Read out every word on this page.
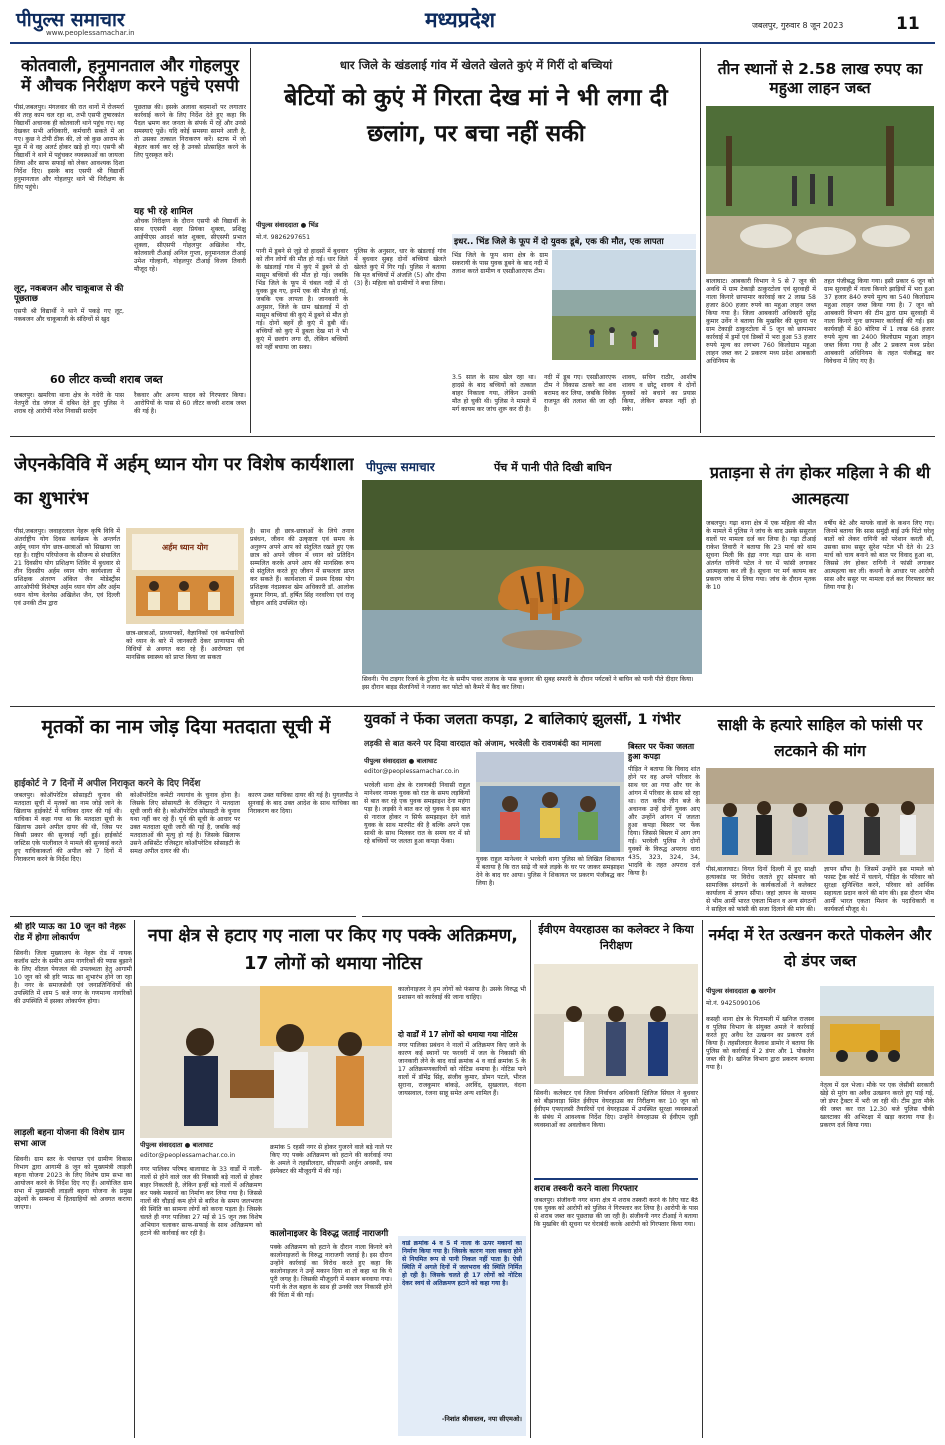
पीपुल्स समाचार
www.peoplessamachar.in
मध्यप्रदेश	जबलपुर, गुरुवार 8 जून 2023	11
कोतवाली, हनुमानताल और गोहलपुर में औचक निरीक्षण करने पहुंचे एसपी
पीसं,जबलपुर। मंगलवार की रात थानों में रोजमर्रा की तरह काम चल रहा था, तभी एसपी तुषारकांत विद्यार्थी अचानक ही कोतवाली थाने पहुंच गए। यह देखकर सभी अधिकारी, कर्मचारी सकते में आ गए। कुछ ने टोपी ठीक की, तो जो कुछ आराम के मूड में थे वह अलर्ट होकर खड़े हो गए। एसपी श्री विद्यार्थी ने थाने में पहुंचकर व्यवस्थाओं का जायजा लिया और साफ सफाई को लेकर आवश्यक दिशा निर्देश दिए। इसके बाद एसपी श्री विद्यार्थी हनुमानताल और गोहलपुर थाने भी निरीक्षण के लिए पहुंचे।
पूछताछ की। इसके अलावा बदमाशों पर लगातार कार्रवाई करने के लिए निर्देश देते हुए कहा कि पैदल भ्रमण कर जनता के संपर्क में रहें और उनसे समस्याएं पूछें। यदि कोई समस्या सामने आती है, तो उसका तत्काल निराकरण करें। स्टाफ में जो बेहतर कार्य कर रहे है उनको प्रोत्साहित करने के लिए पुरस्कृत करें।
यह भी रहे शामिल
औचक निरीक्षण के दौरान एसपी श्री विद्यार्थी के साथ एएसपी शहर प्रियंका शुक्ला, प्रशिक्षु आईपीएस आदर्श कांत शुक्ला, सीएसपी प्रभात शुक्ला, सीएसपी गोहलपुर अखिलेश गौर, कोतवाली टीआई अनिल गुप्ता, हनुमानताल टीआई उमेश गोल्हानी, गोहलपुर टीआई विजय तिवारी मौजूद रहे।
लूट, नकबजन और चाकूबाज से की पूछताछ
एसपी श्री विद्यार्थी ने थाने में पकड़े गए लूट, नकबजन और चाकूबाजी के संदिग्धों से खुद
60 लीटर कच्ची शराब जब्त
जबलपुर। खमरिया थाना क्षेत्र के गधेरी के पास नेतपुरी रोड जंगल में दबिश देते हुए पुलिस ने शराब रहे आरोपी नरेश निवासी सरदेंग
रैकवार और अनन्य यादव को गिरफ्तार किया। आरोपियों के पास से 60 लीटर कच्ची शराब जब्त की गई है।
धार जिले के खंडलाई गांव में खेलते खेलते कुएं में गिरीं दो बच्चियां
बेटियों को कुएं में गिरता देख मां ने भी लगा दी छलांग, पर बचा नहीं सकी
पीपुल्स संवाददाता ● भिंड
मो.नं. 9826297651
पानी में डूबने से जुड़े दो हादसों में बुधवार को तीन लोगों की मौत हो गई। धार जिले के खंडलाई गांव में कुएं में डूबने से दो मासूम बच्चियों की मौत हो गई। जबकि भिंड जिले के फूप में चंबल नदी में दो युवक डूब गए, इनमें एक की मौत हो गई, जबकि एक लापता है। जानकारी के अनुसार, जिले के ग्राम खंडलाई में दो मासूम बच्चियां की कुएं में डूबने से मौत हो गई। दोनों बहनें ही कुएं में डूबी थीं। बच्चियों को कुएं में डूबता देख मां ने भी कुएं में छलांग लगा दी, लेकिन बच्चियों को नहीं बचाया जा सका।
पुलिस के अनुसार, धार के खंडलाई गांव में बुधवार सुबह दोनों बच्चियां खेलते खेलते कुएं में गिर गईं। पुलिस ने बताया कि मृत बच्चियों में अंजलि (5) और दीपा (3) हैं। महिला को ग्रामीणों ने बचा लिया।
इधर.. भिंड जिले के फूप में दो युवक डूबे, एक की मौत, एक लापता
भिंड जिले के फूप थाना क्षेत्र के ग्राम सकरायी के पास युवक डूबने के बाद नदी में तलाश करते ग्रामीण व एसडीआरएफ टीम।
3.5 साल के साथ खेल रहा था। हादसे के बाद बच्चियों को तत्काल बाहर निकाला गया, लेकिन उनकी मौत हो चुकी थी। पुलिस ने मामले में मर्ग कायम कर जांच शुरू कर दी है।
नदी में डूब गए। एसडीआरएफ टीम ने विकास ठाकरे का शव बरामद कर लिया, जबकि विवेक राजपूत की तलाश की जा रही है।
शावय, सचिन राठौर, आशीष शावय व छोटू शावय ये दोनों युवकों को बचाने का प्रयास किया, लेकिन सफल नहीं हो सके।
तीन स्थानों से 2.58 लाख रुपए का महुआ लाहन जब्त
बालाघाट। आबकारी विभाग ने 5 से 7 जून की अवधि में ग्राम टेकाड़ी ठाकुरटोला एवं सुरवाही में नाला किनारे छापामार कार्रवाई कर 2 लाख 58 हजार 800 हजार रुपये का महुआ लाहन जब्त किया गया है। जिला आबकारी अधिकारी सुरेंद्र कुमार उर्वेन ने बताया कि मुखबिर की सूचना पर ग्राम टेकाड़ी ठाकुरटोला में 5 जून को छापामार कार्रवाई में ड्रमों एवं डिब्बों में भरा हुआ 53 हजार रुपये मूल्य का लगभग 760 किलोग्राम महुआ लाहन जब्त कर 2 प्रकरण मध्य प्रदेश आबकारी अधिनियम के
तहत पंजीबद्ध किया गया। इसी प्रकार 6 जून को ग्राम सुरवाही में नाला किनारे झाड़ियों में भरा हुआ 37 हजार 840 रुपये मूल्य का 540 किलोग्राम महुआ लाहन जब्त किया गया है। 7 जून को आबकारी विभाग की टीम द्वारा ग्राम सुरवाही में नाला किनारे पुनः छापामार कार्रवाई की गई। इस कार्यवाही में 80 बोरिया में 1 लाख 68 हजार रुपये मूल्य का 2400 किलोग्राम महुआ लाहन जब्त किया गया है और 2 प्रकरण मध्य प्रदेश आबकारी अधिनियम के तहत पंजीबद्ध कर विवेचना में लिए गए है।
जेएनकेविवि में अर्हम् ध्यान योग पर विशेष कार्यशाला का शुभारंभ
पीसं,जबलपुर। जवाहरलाल नेहरू कृषि विवि में अंतर्राष्ट्रीय योग दिवस कार्यक्रम के अन्तर्गत अर्हम् ध्यान योग छात्र-छात्राओं को सिखाया जा रहा है। राष्ट्रीय परियोजना के सौजन्य से संचालित 21 दिवसीय योग प्रशिक्षण शिविर में बुधवार से तीन दिवसीय अर्हम ध्यान योग कार्यशाला में प्रशिक्षक अंतरण अंकित जैन मोडेस्ट्रीस आरओपीयी विशेषज्ञ अर्हम ध्यान योग और अर्हम ध्यान योग्य वेलनेस अखिलेश जैन, एवं दिल्ली एवं उनकी टीम द्वारा
अर्हम ध्यान योग
छात्र-छात्राओं, प्राध्यापकों, वैज्ञानिकों एवं कर्मचारियों को ध्यान के बारे में जानकारी देकर प्राणायाम की विधियों से अवगत करा रहे हैं। आरोग्यता एवं मानसिक स्वास्थ्य को प्राप्त किया जा सकता
है। साथ ही छात्र-छात्राओं के लिये तनाव प्रबंधन, जीवन की उत्कृष्टता एवं समय के अनुरूप अपने आप को संतुलित रखते हुए एक छात्र को अपने जीवन में ध्यान को प्रतिदिन सम्मलित करके अपने आप की मानसिक रूप से संतुलित करते हुए जीवन में सफलता प्राप्त कर सकते हैं। कार्यशाला में प्रथम दिवस योग प्रशिक्षक नंदप्रकाश खेम अधिकारी डॉ. आलोक कुमार निगम, डॉ. हर्षित सिंह नरवरिया एवं राजू चौहान आदि उपस्थित रहे।
पीपुल्स समाचार	पेंच में पानी पीते दिखी बाघिन
सिवनी। पेंच टाइगर रिजर्व के टुरिया गेट के समीप पावर तालाब के पास बुधवार की सुबह सफारी के दौरान पर्यटकों ने बाघिन को पानी पीते दीदार किया। इस दौरान बाइड सैलानियों ने नजारा कर फोटो को कैमरे में कैद कर लिया।
प्रताड़ना से तंग होकर महिला ने की थी आत्महत्या
जबलपुर। गढ़ा थाना क्षेत्र में एक महिला की मौत के मामले में पुलिस ने जांच के बाद उसके ससुराल वालों पर मामला दर्ज कर लिया है। गढ़ा टीआई राकेश तिवारी ने बताया कि 23 मार्च को थाम सूचना मिली कि इंद्रा नगर गढ़ा ग्राम के थाना अंतर्गत रागिनी पटेल ने घर में फांसी लगाकर आत्महत्या कर ली है। सूचना पर मर्ग कायम कर प्रकरण जांच में लिया गया। जांच के दौरान मृतक के 10
वर्षीय बेटे और मायके वालों के कथन लिए गए। जिनमे बताया कि सास समुंद्री बाई उर्फ पिंटो घरेलू बातों को लेकर रागिनी को परेशान करती थी, उसका साथ ससुर सुरेश पटेल भी देते थे। 23 मार्च को चाय बनाने को बात पर विवाद हुआ था, जिससे तंग होकर रागिनी ने फांसी लगाकर आत्महत्या कर ली। कथनों के आधार पर आरोपी सास और ससुर पर मामला दर्ज कर गिरफ्तार कर लिया गया है।
मृतकों का नाम जोड़ दिया मतदाता सूची में
हाईकोर्ट ने 7 दिनों में अपील निराकृत करने के दिए निर्देश
जबलपुर। कोऑपरेटिव सोसाइटी चुनाव की मतदाता सूची में मृतकों का नाम जोड़े जाने के खिलाफ हाईकोर्ट में याचिका दायर की गई थी। याचिका में कहा गया था कि मतदाता सूची के खिलाफ उसने अपील दायर की थी, जिस पर किसी प्रकार की सुनवाई नहीं हुई। हाईकोर्ट जस्टिस एके पालीवाल ने मामले की सुनवाई करते हुए याचिकाकर्ता की अपील को 7 दिनों में निराकरण करने के निर्देश दिए।
कोऑपरेटिव कमेटी नयागांव के चुनाव होना है। जिसके लिए सोसायटी के रजिस्ट्रार ने मतदाता सूची जारी की है। कोऑपरेटिव सोसाइटी के चुनाव यथा नहीं कर रहे हैं। पूर्व की सूची के आधार पर उक्त मतदाता सूची जारी की गई है, जबकि कई मतदाताओं की मृत्यु हो गई है। जिसके खिलाफ उसने असिस्टेंट रजिस्ट्रार कोऑपरेटिव सोसाइटी के समक्ष अपील दायर की थी।
कारण उक्त याचिका दायर की गई है। युगलपीठ ने सुनवाई के बाद उक्त आदेश के साथ याचिका का निराकरण कर दिया।
युवकों ने फेंका जलता कपड़ा, 2 बालिकाएं झुलसीं, 1 गंभीर
लड़की से बात करने पर दिया वारदात को अंजाम, भरवेली के रावणबंदी का मामला
पीपुल्स संवाददाता ● बालाघाट
editor@peoplessamachar.co.in
भरवेली थाना क्षेत्र के रावणबंदी निवासी राहुल मानेश्वर नामक युवक को रात के समय लड़कियों से बात कर रहे एक युवक समझाइश देना महंगा पड़ा है। लड़की ने बात कर रहे युवक ने इस बात से नाराज होकर न सिर्फ समझाइश देने वाले युवक के साथ मारपीट की है बल्कि अपने एक साथी के साथ मिलकर रात के समय घर में सो रहे बच्चियों पर जलता हुआ कपड़ा फेंका।
युवक राहुल मानेश्वर ने भरवेली थाना पुलिस को लिखित शिकायत में बताया है कि रात साढ़े नौ बजे लड़के के घर पर जाकर समझाइश देने के बाद घर आया। पुलिस ने शिकायत पर प्रकरण पंजीबद्ध कर लिया है।
बिस्तर पर फेंका जलता हुआ कपड़ा
पीड़ित ने बताया कि विवाद शांत होने पर वह अपने परिवार के साथ घर आ गया और घर के आंगन में परिवार के साथ सो रहा था। रात करीब तीन बजे के अचानक उन्हें दोनों युवक आए और उन्होंने आंगन में जलता हुआ कपड़ा बिस्तर पर फेंक दिया। जिससे बिस्तर में आग लग गई। भरवेली पुलिस ने दोनों युवकों के विरुद्ध अपराध धारा 435, 323, 324, 34, भादवि के तहत अपराध दर्ज किया है।
साक्षी के हत्यारे साहिल को फांसी पर लटकाने की मांग
पीसं,बालाघाट। विगत दिनों दिल्ली में हुए साक्षी हत्याकांड पर विरोध जताते हुए सोमवार को सामाजिक संगठनों के कार्यकर्ताओं ने कलेक्टर कार्यालय में ज्ञापन सौंपा। जहां ज्ञापन के माध्यम से भीम आर्मी भारत एकता मिशन व अन्य संगठनों ने साहिल को फांसी की सजा दिलाने की मांग की।
ज्ञापन सौंपा है। जिसमें उन्होंने इस मामले को फास्ट ट्रैक कोर्ट में चलाने, पीड़ित के परिवार को सुरक्षा सुनिश्चित करने, परिवार को आर्थिक सहायता प्रदान करने की मांग की। इस दौरान भीम आर्मी भारत एकता मिशन के पदाधिकारी व कार्यकर्ता मौजूद थे।
श्री हरि प्याऊ का 10 जून को नेहरू रोड में होगा लोकार्पण
सिवनी। जिला मुख्यालय के नेहरू रोड में नायक कलॉथ स्टोर के समीप आम नागरिकों की प्यास बुझाने के लिए शीतल पेयजल की उपलब्धता हेतु आगामी 10 जून को श्री हरि प्याऊ का शुभारंभ होने जा रहा है। नगर के समाजसेवी एवं जनप्रतिनिधियों की उपस्थिति में शाम 5 बजे नगर के गणमान्य नागरिकों की उपस्थिति में इसका लोकार्पण होगा।
लाड़ली बहना योजना की विशेष ग्राम सभा आज
सिवनी। ग्राम स्तर के पंचायत एवं ग्रामीण विकास विभाग द्वारा आगामी 8 जून को मुख्यमंत्री लाड़ली बहना योजना 2023 के लिए विशेष ग्राम सभा का आयोजन करने के निर्देश दिए गए हैं। आयोजित ग्राम सभा में मुख्यमंत्री लाड़ली बहना योजना के प्रमुख उद्देश्यों के सम्बन्ध में हितग्राहियों को अवगत कराया जाएगा।
नपा क्षेत्र से हटाए गए नाला पर किए गए पक्के अतिक्रमण, 17 लोगों को थमाया नोटिस
पीपुल्स संवाददाता ● बालाघाट
editor@peoplessamachar.co.in
नगर पालिका परिषद बालाघाट के 33 वार्डों में नाली-नालों से होने वाले जल की निकासी बड़े नालों से होकर बाहर निकलती है, लेकिन इन्हीं बड़े नालों में अतिक्रमण कर पक्के मकानों का निर्माण कर लिया गया है। जिससे नालों की चौड़ाई कम होने से बारिश के समय जलभराव की स्थिति का सामना लोगों को करना पड़ता है। जिसके चलते ही नगर पालिका 27 मई से 15 जून तक विशेष अभियान चलाकर साफ-सफाई के साथ अतिक्रमण को हटाने की कार्रवाई कर रही है।
क्रमांक 5 रहसी नगर से होकर गुजरने वाले बड़े नाले पर किए गए पक्के अतिक्रमण को हटाने की कार्रवाई नपा के अमले ने तहसीलदार, सीएसपी अर्जुन अवस्थी, सब इंस्पेक्टर की मौजूदगी में की गई।
कालोनाइजर के विरुद्ध जताई नाराजगी
पक्के अतिक्रमण को हटाने के दौरान नाला किनारे बने कालोनाइजरों के विरुद्ध नाराजगी जताई है। इस दौरान उन्होंने कार्रवाई का विरोध करते हुए कहा कि कालोनाइजर ने उन्हें मकान दिया था तो कहा था कि ये पूरी जगह है। जिसकी मौजूदगी में मकान बनवाया गया। पानी के तेज बहाव के साथ ही उनकी जल निकासी होने की चिंता में की गई।
कालोनाइजर ने हम लोगों को फंसाया है। उसके विरुद्ध भी प्रशासन को कार्रवाई की जाना चाहिए।
दो वार्डों में 17 लोगों को थमाया गया नोटिस
नगर पालिका प्रबंधन ने नालों में अतिक्रमण किए जाने के कारण कई स्थानों पर फरवरी में जल के निकासी की जानकारी लेने के बाद वार्ड क्रमांक 4 व वार्ड क्रमांक 5 के 17 अतिक्रमणकारियों को नोटिस थमाया है। नोटिस पाने वालों में डॉमेंद्र सिंह, संजीव कुमार, डोमन पटले, भीरज सुराना, राजकुमार बांकड़े, अरविंद, सुखलाल, वंदना जायसवाल, रंजना साहू समेत अन्य शामिल हैं।
वार्ड क्रमांक 4 व 5 में नाला के ऊपर मकानों का निर्माण किया गया है। जिसके कारण नाला सकरा होने से नियमित रूप से पानी निकल नहीं पाता है। ऐसी स्थिति में अगले दिनों में जलभराव की स्थिति निर्मित हो रही है। जिसके चलते ही 17 लोगों को नोटिस देकर स्वयं से अतिक्रमण हटाने को कहा गया है।
-निशांत श्रीवास्तव, नपा सीएमओ।
ईवीएम वेयरहाउस का कलेक्टर ने किया निरीक्षण
सिवनी। कलेक्टर एवं जिला निर्वाचन अधिकारी क्षितिज सिंघल ने बुधवार को बीझावाड़ा स्थित ईवीएम वेयरहाउस का निरीक्षण कर 10 जून को ईवीएम एफएलसी तैयारियों एवं वेयरहाउस में उपस्थित सुरक्षा व्यवस्थाओं के संबंध में आवश्यक निर्देश दिए। उन्होंने वेयरहाउस से ईवीएम जुड़ी व्यवस्थाओं का अवलोकन किया।
शराब तस्करी करने वाला गिरफ्तार
जबलपुर। संजीवनी नगर थाना क्षेत्र में शराब तस्करी करने के लिए घाट बैठे एक युवक को आरोपी को पुलिस ने गिरफ्तार कर लिया है। आरोपी के पास से शराब जब्त कर पूछताछ की जा रही है। संजीवनी नगर टीआई ने बताया कि मुखबिर की सूचना पर घेराबंदी करके आरोपी को गिरफ्तार किया गया।
नर्मदा में रेत उत्खनन करते पोकलेन और दो डंपर जब्त
पीपुल्स संवाददाता ● खरगोन
मो.नं. 9425090106
कसही थाना क्षेत्र के पितामली में खनिज राजस्व व पुलिस विभाग के संयुक्त अमले ने कार्रवाई करते हुए अवैध रेत उत्खनन का प्रकरण दर्ज किया है। तहसीलदार कैलाश डामोर ने बताया कि पुलिस को कार्रवाई में 2 डंपर और 1 पोकलेन जब्त की है। खनिज विभाग द्वारा प्रकरण बनाया गया है।
नेतृत्व में दल भेजा। मौके पर एक जेसीबी सरकारी खेड़े से मुरंग का अवैध उत्खनन करते हुए पाई गई, जो डंपर ट्रैक्टर में भरी जा रही थी। टीम द्वारा मौके की जब्त कर रात 12.30 बजे पुलिस चौकी खलटाका की अभिरक्षा में खड़ा कराया गया है। प्रकरण दर्ज किया गया।
